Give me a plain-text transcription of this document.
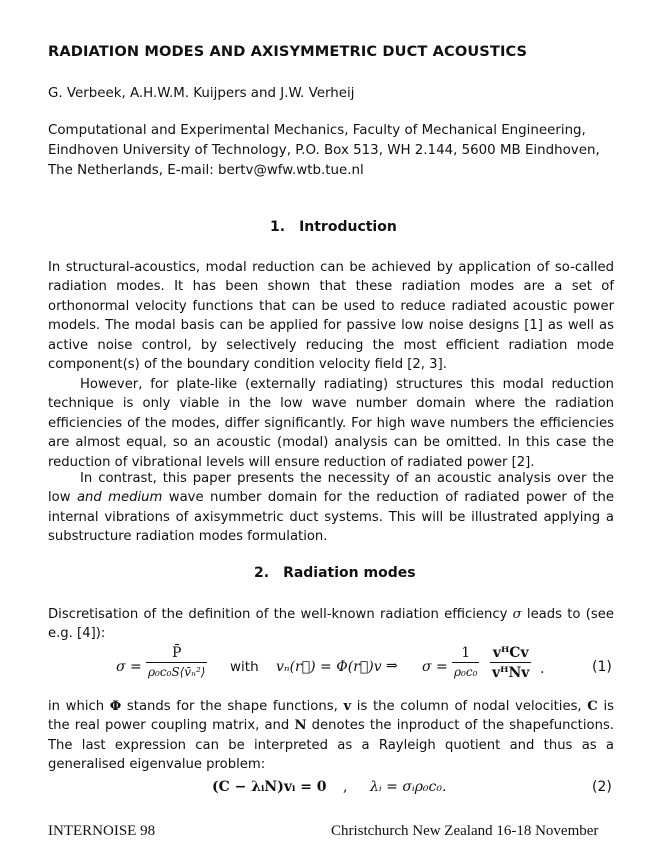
RADIATION MODES AND AXISYMMETRIC DUCT ACOUSTICS
G. Verbeek, A.H.W.M. Kuijpers and J.W. Verheij
Computational and Experimental Mechanics, Faculty of Mechanical Engineering,
Eindhoven University of Technology, P.O. Box 513, WH 2.144, 5600 MB Eindhoven,
The Netherlands, E-mail: bertv@wfw.wtb.tue.nl
1. Introduction
In structural-acoustics, modal reduction can be achieved by application of so-called radiation modes. It has been shown that these radiation modes are a set of orthonormal velocity functions that can be used to reduce radiated acoustic power models. The modal basis can be applied for passive low noise designs [1] as well as active noise control, by selectively reducing the most efficient radiation mode component(s) of the boundary condition velocity field [2, 3].
However, for plate-like (externally radiating) structures this modal reduction technique is only viable in the low wave number domain where the radiation efficiencies of the modes, differ significantly. For high wave numbers the efficiencies are almost equal, so an acoustic (modal) analysis can be omitted. In this case the reduction of vibrational levels will ensure reduction of radiated power [2].
In contrast, this paper presents the necessity of an acoustic analysis over the low and medium wave number domain for the reduction of radiated power of the internal vibrations of axisymmetric duct systems. This will be illustrated applying a substructure radiation modes formulation.
2. Radiation modes
Discretisation of the definition of the well-known radiation efficiency σ leads to (see e.g. [4]):
$\sigma = \frac{P̄}{\text{ρ₀c₀S⟨v̄ₙ²⟩}}$ with vₙ(r⃗) = Φ(r⃗)v ⇒ $\sigma = \frac{1}{\text{ρ₀c₀}}$ vᴴCv
vᴴNv .	(1)
in which Φ stands for the shape functions, v is the column of nodal velocities, C is the real power coupling matrix, and N denotes the inproduct of the shapefunctions. The last expression can be interpreted as a Rayleigh quotient and thus as a generalised eigenvalue problem:
(C − λᵢN)vᵢ = 0 , λᵢ = σᵢρ₀c₀.	(2)
INTERNOISE 98	Christchurch New Zealand 16-18 November
